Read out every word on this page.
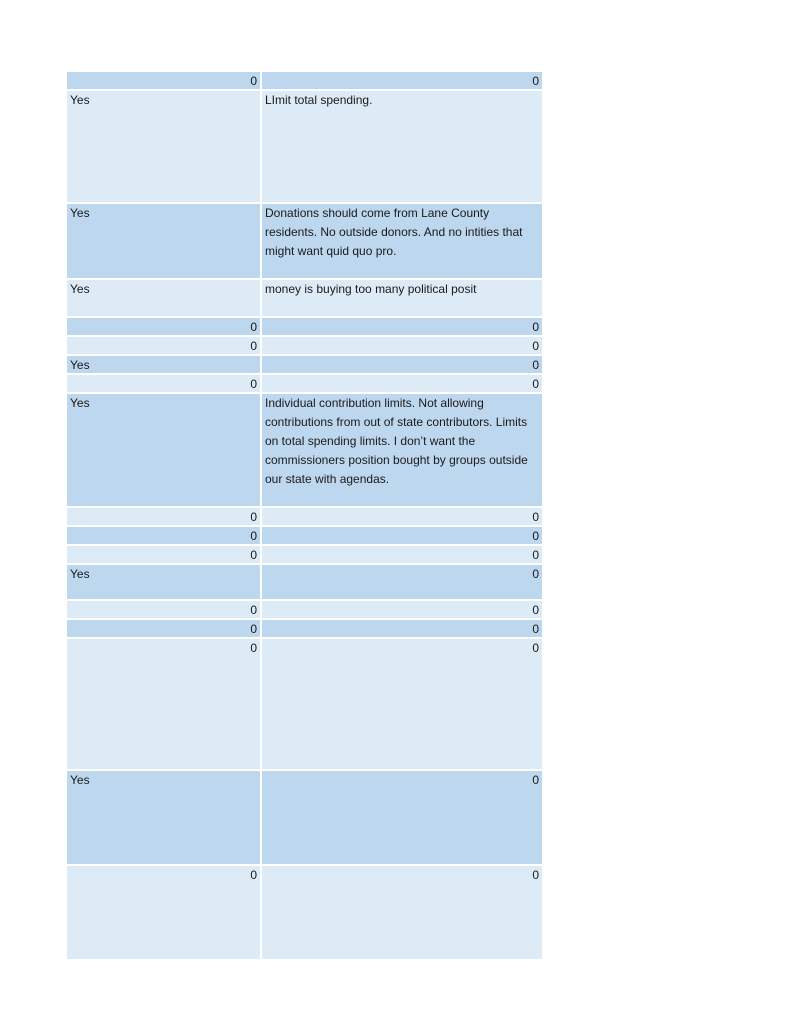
0	0
Yes	LImit total spending.
Yes	Donations should come from Lane County residents. No outside donors. And no intities that might want quid quo pro.
Yes	money is buying too many political posit
0	0
0	0
Yes	0
0	0
Yes	Individual contribution limits. Not allowing contributions from out of state contributors. Limits on total spending limits. I don’t want the commissioners position bought by groups outside our state with agendas.
0	0
0	0
0	0
Yes	0
0	0
0	0
0	0
Yes	0
0	0
